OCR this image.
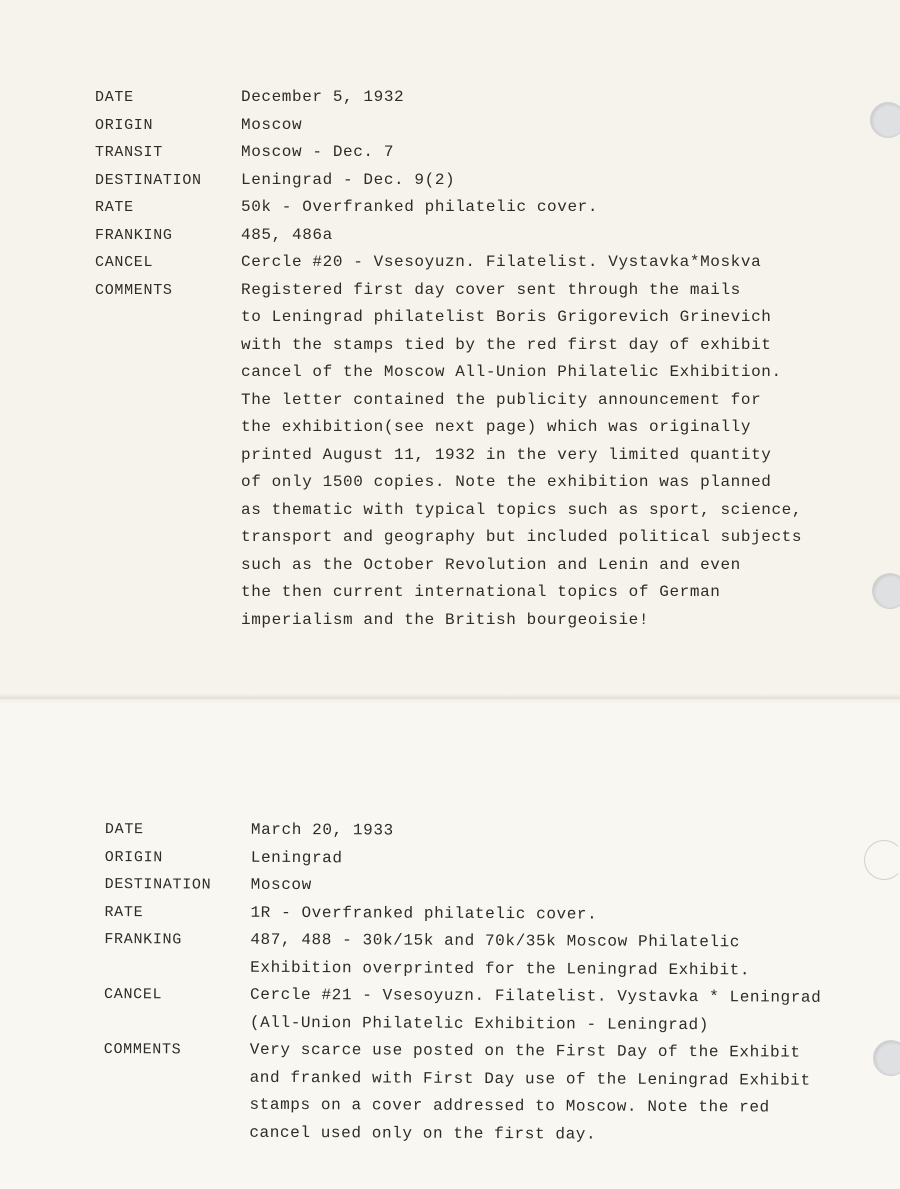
DATE	December 5, 1932
ORIGIN	Moscow
TRANSIT	Moscow - Dec. 7
DESTINATION	Leningrad - Dec. 9(2)
RATE	50k - Overfranked philatelic cover.
FRANKING	485, 486a
CANCEL	Cercle #20 - Vsesoyuzn. Filatelist. Vystavka*Moskva
COMMENTS	Registered first day cover sent through the mails
to Leningrad philatelist Boris Grigorevich Grinevich
with the stamps tied by the red first day of exhibit
cancel of the Moscow All-Union Philatelic Exhibition.
The letter contained the publicity announcement for
the exhibition(see next page) which was originally
printed August 11, 1932 in the very limited quantity
of only 1500 copies. Note the exhibition was planned
as thematic with typical topics such as sport, science,
transport and geography but included political subjects
such as the October Revolution and Lenin and even
the then current international topics of German
imperialism and the British bourgeoisie!
DATE	March 20, 1933
ORIGIN	Leningrad
DESTINATION	Moscow
RATE	1R - Overfranked philatelic cover.
FRANKING	487, 488 - 30k/15k and 70k/35k Moscow Philatelic
Exhibition overprinted for the Leningrad Exhibit.
CANCEL	Cercle #21 - Vsesoyuzn. Filatelist. Vystavka * Leningrad
(All-Union Philatelic Exhibition - Leningrad)
COMMENTS	Very scarce use posted on the First Day of the Exhibit
and franked with First Day use of the Leningrad Exhibit
stamps on a cover addressed to Moscow. Note the red
cancel used only on the first day.
